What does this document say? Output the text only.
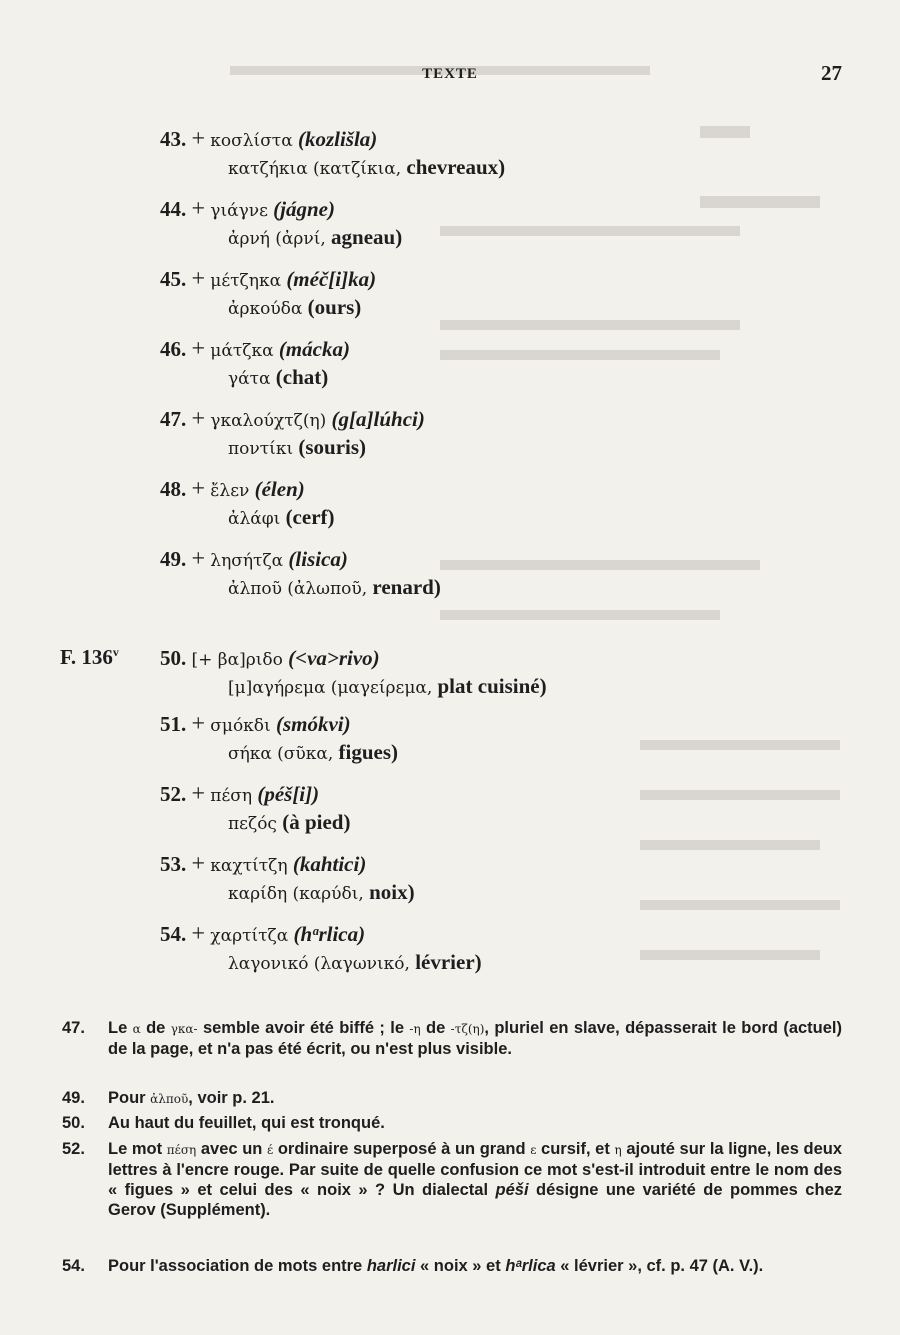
TEXTE	27
F. 136$^v$
43. + κοσλίστα (kozlišla)
κατζήκια (κατζίκια, chevreaux)
44. + γιάγνε (jágne)
ἀρνή (ἀρνί, agneau)
45. + μέτζηκα (méč[i]ka)
ἀρκούδα (ours)
46. + μάτζκα (mácka)
γάτα (chat)
47. + γκαλούχτζ(η) (g[a]lúhci)
ποντίκι (souris)
48. + ἔλεν (élen)
ἀλάφι (cerf)
49. + λησήτζα (lisica)
ἀλποῦ (ἀλωποῦ, renard)
50. [+ βα]ριδο (<va>rivo)
[μ]αγήρεμα (μαγείρεμα, plat cuisiné)
51. + σμόκδι (smókvi)
σήκα (σῦκα, figues)
52. + πέση (péš[i])
πεζός (à pied)
53. + καχτίτζη (kahtici)
καρίδη (καρύδι, noix)
54. + χαρτίτζα (hᵃrlica)
λαγονικό (λαγωνικό, lévrier)
47. Le α de γκα- semble avoir été biffé ; le -η de -τζ(η), pluriel en slave, dépasserait le bord (actuel) de la page, et n'a pas été écrit, ou n'est plus visible.
49. Pour ἀλποῦ, voir p. 21.
50. Au haut du feuillet, qui est tronqué.
52. Le mot πέση avec un έ ordinaire superposé à un grand ε cursif, et η ajouté sur la ligne, les deux lettres à l'encre rouge. Par suite de quelle confusion ce mot s'est-il introduit entre le nom des « figues » et celui des « noix » ? Un dialectal péši désigne une variété de pommes chez Gerov (Supplément).
54. Pour l'association de mots entre harlici « noix » et hᵃrlica « lévrier », cf. p. 47 (A. V.).
